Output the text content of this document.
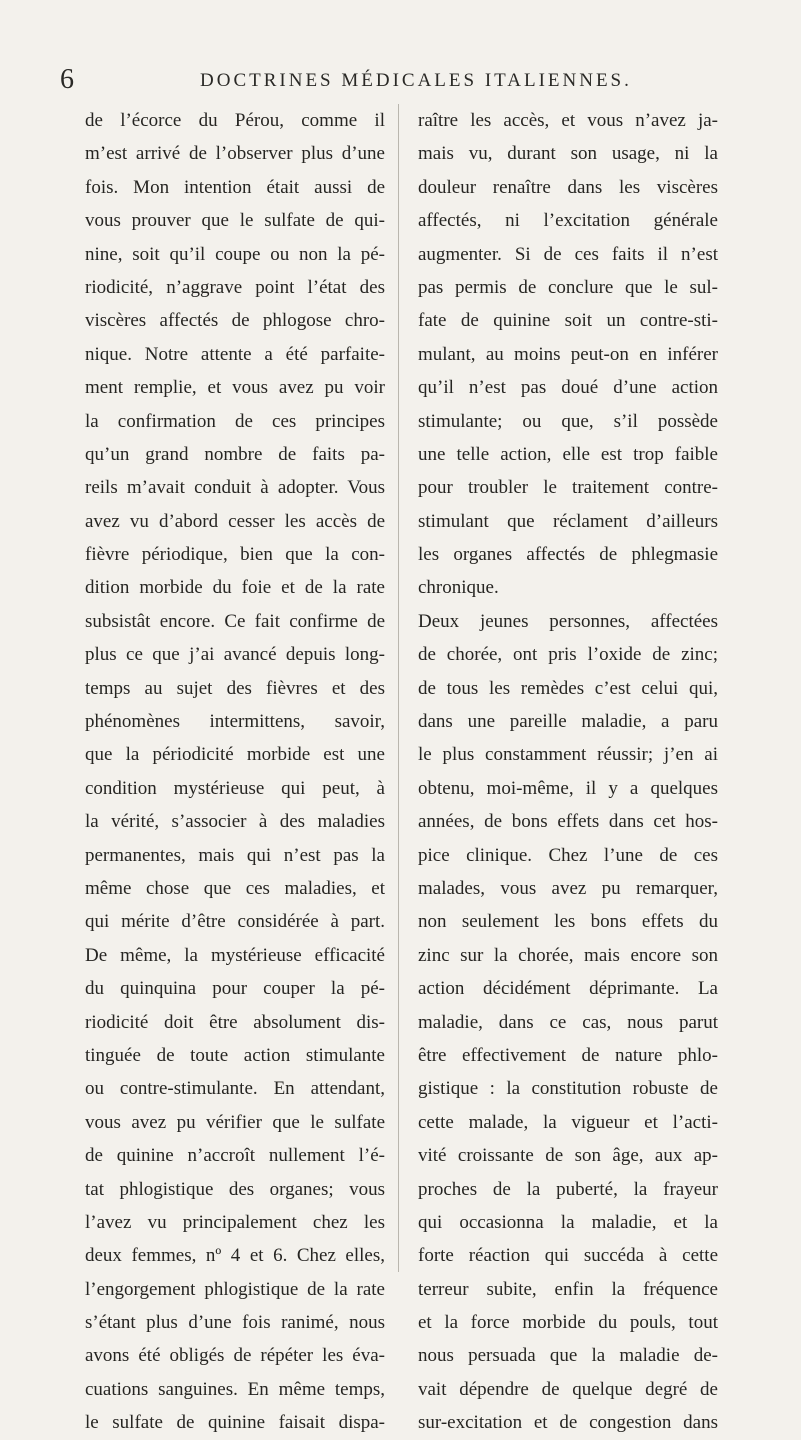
6	DOCTRINES MÉDICALES ITALIENNES.
de l’écorce du Pérou, comme il
m’est arrivé de l’observer plus d’une
fois. Mon intention était aussi de
vous prouver que le sulfate de qui-
nine, soit qu’il coupe ou non la pé-
riodicité, n’aggrave point l’état des
viscères affectés de phlogose chro-
nique. Notre attente a été parfaite-
ment remplie, et vous avez pu voir
la confirmation de ces principes
qu’un grand nombre de faits pa-
reils m’avait conduit à adopter. Vous
avez vu d’abord cesser les accès de
fièvre périodique, bien que la con-
dition morbide du foie et de la rate
subsistât encore. Ce fait confirme de
plus ce que j’ai avancé depuis long-
temps au sujet des fièvres et des
phénomènes intermittens, savoir,
que la périodicité morbide est une
condition mystérieuse qui peut, à
la vérité, s’associer à des maladies
permanentes, mais qui n’est pas la
même chose que ces maladies, et
qui mérite d’être considérée à part.
De même, la mystérieuse efficacité
du quinquina pour couper la pé-
riodicité doit être absolument dis-
tinguée de toute action stimulante
ou contre-stimulante. En attendant,
vous avez pu vérifier que le sulfate
de quinine n’accroît nullement l’é-
tat phlogistique des organes; vous
l’avez vu principalement chez les
deux femmes, nº 4 et 6. Chez elles,
l’engorgement phlogistique de la rate
s’étant plus d’une fois ranimé, nous
avons été obligés de répéter les éva-
cuations sanguines. En même temps,
le sulfate de quinine faisait dispa-
raître les accès, et vous n’avez ja-
mais vu, durant son usage, ni la
douleur renaître dans les viscères
affectés, ni l’excitation générale
augmenter. Si de ces faits il n’est
pas permis de conclure que le sul-
fate de quinine soit un contre-sti-
mulant, au moins peut-on en inférer
qu’il n’est pas doué d’une action
stimulante; ou que, s’il possède
une telle action, elle est trop faible
pour troubler le traitement contre-
stimulant que réclament d’ailleurs
les organes affectés de phlegmasie
chronique.
Deux jeunes personnes, affectées
de chorée, ont pris l’oxide de zinc;
de tous les remèdes c’est celui qui,
dans une pareille maladie, a paru
le plus constamment réussir; j’en ai
obtenu, moi-même, il y a quelques
années, de bons effets dans cet hos-
pice clinique. Chez l’une de ces
malades, vous avez pu remarquer,
non seulement les bons effets du
zinc sur la chorée, mais encore son
action décidément déprimante. La
maladie, dans ce cas, nous parut
être effectivement de nature phlo-
gistique : la constitution robuste de
cette malade, la vigueur et l’acti-
vité croissante de son âge, aux ap-
proches de la puberté, la frayeur
qui occasionna la maladie, et la
forte réaction qui succéda à cette
terreur subite, enfin la fréquence
et la force morbide du pouls, tout
nous persuada que la maladie de-
vait dépendre de quelque degré de
sur-excitation et de congestion dans
